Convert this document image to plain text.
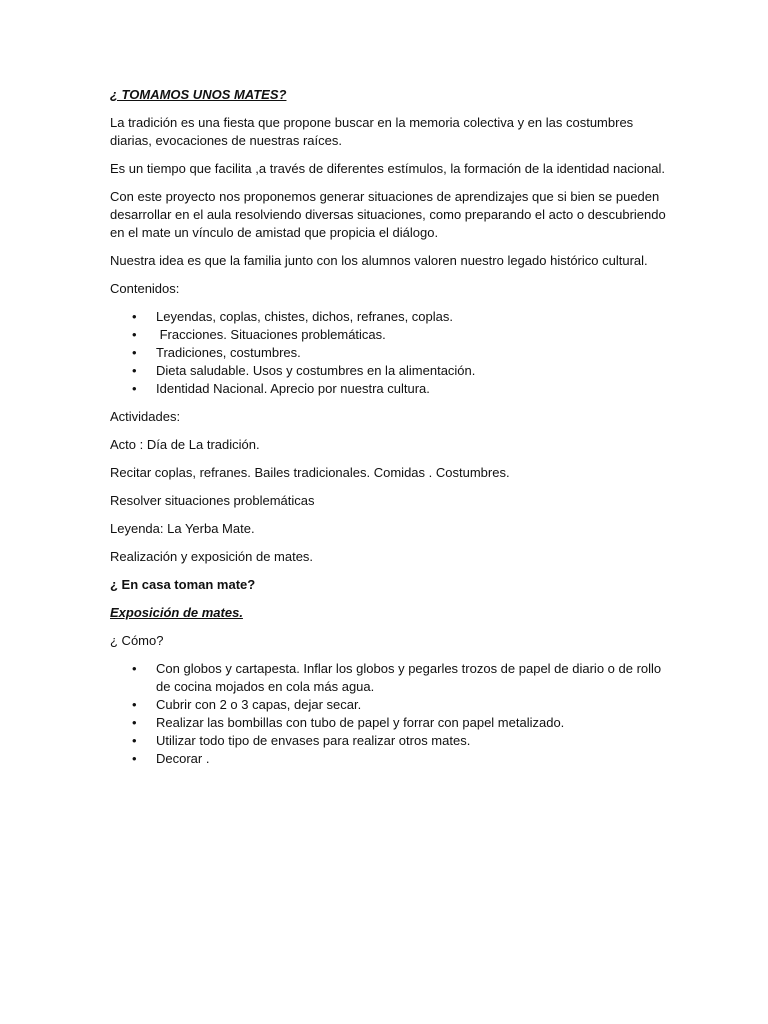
¿ TOMAMOS UNOS MATES?

La tradición es una fiesta que propone buscar en la memoria colectiva y en las costumbres diarias, evocaciones de nuestras raíces.

Es un tiempo que facilita ,a través de diferentes estímulos, la formación de la identidad nacional.

Con este proyecto nos proponemos generar situaciones de aprendizajes que si bien se pueden desarrollar en el aula resolviendo diversas situaciones, como preparando el acto o descubriendo en el mate un vínculo de amistad que propicia el diálogo.

Nuestra idea es que la familia junto con los alumnos valoren nuestro legado histórico cultural.

Contenidos:

• Leyendas, coplas, chistes, dichos, refranes, coplas.
• Fracciones. Situaciones problemáticas.
• Tradiciones, costumbres.
• Dieta saludable. Usos y costumbres en la alimentación.
• Identidad Nacional. Aprecio por nuestra cultura.

Actividades:

Acto : Día de La tradición.

Recitar coplas, refranes. Bailes tradicionales. Comidas . Costumbres.

Resolver situaciones problemáticas

Leyenda: La Yerba Mate.

Realización y exposición de mates.

¿ En casa toman mate?

Exposición de mates.

¿ Cómo?

• Con globos y cartapesta. Inflar los globos y pegarles trozos de papel de diario o de rollo de cocina mojados en cola más agua.
• Cubrir con 2 o 3 capas, dejar secar.
• Realizar las bombillas con tubo de papel y forrar con papel metalizado.
• Utilizar todo tipo de envases para realizar otros mates.
• Decorar .
